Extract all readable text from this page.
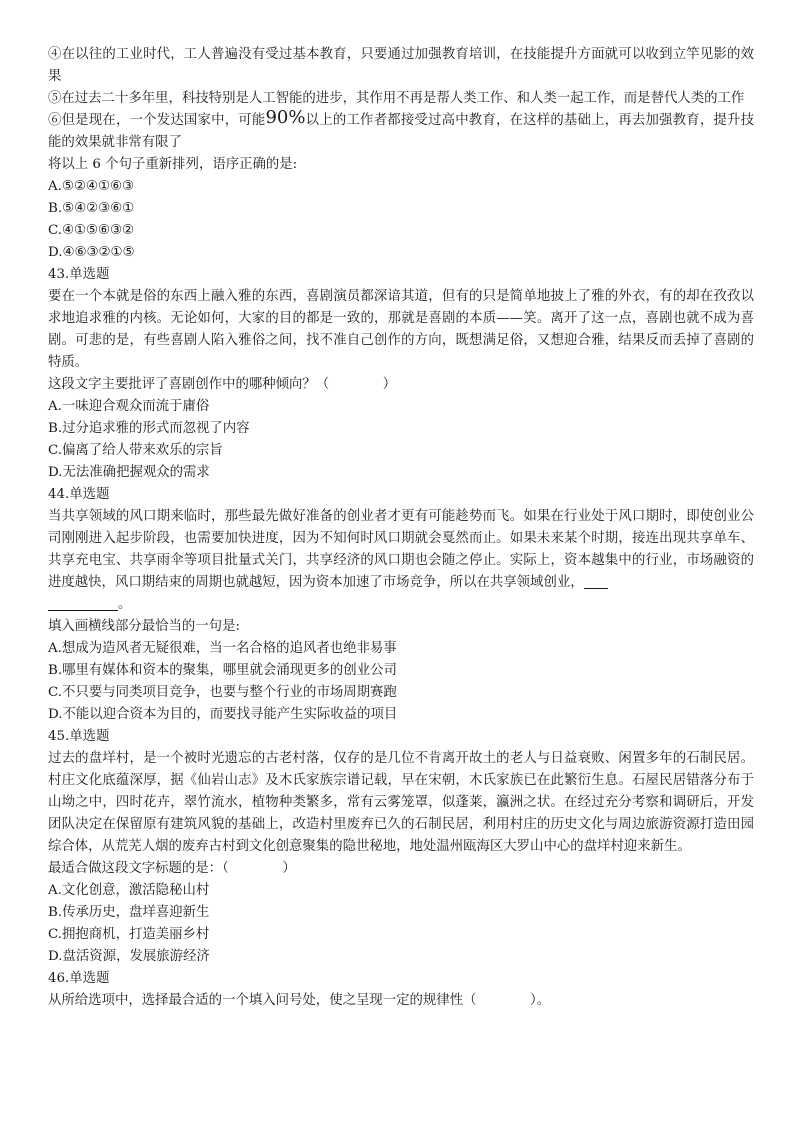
④在以往的工业时代，工人普遍没有受过基本教育，只要通过加强教育培训，在技能提升方面就可以收到立竿见影的效果

⑤在过去二十多年里，科技特别是人工智能的进步，其作用不再是帮人类工作、和人类一起工作，而是替代人类的工作

⑥但是现在，一个发达国家中，可能90%以上的工作者都接受过高中教育，在这样的基础上，再去加强教育，提升技能的效果就非常有限了

将以上 6 个句子重新排列，语序正确的是:

A.⑤②④①⑥③

B.⑤④②③⑥①

C.④①⑤⑥③②

D.④⑥③②①⑤

43.单选题

要在一个本就是俗的东西上融入雅的东西，喜剧演员都深谙其道，但有的只是简单地披上了雅的外衣，有的却在孜孜以求地追求雅的内核。无论如何，大家的目的都是一致的，那就是喜剧的本质——笑。离开了这一点，喜剧也就不成为喜剧。可悲的是，有些喜剧人陷入雅俗之间，找不准自己创作的方向，既想满足俗，又想迎合雅，结果反而丢掉了喜剧的特质。

这段文字主要批评了喜剧创作中的哪种倾向？（　　　　）

A.一味迎合观众而流于庸俗

B.过分追求雅的形式而忽视了内容

C.偏离了给人带来欢乐的宗旨

D.无法准确把握观众的需求

44.单选题

当共享领域的风口期来临时，那些最先做好准备的创业者才更有可能趁势而飞。如果在行业处于风口期时，即使创业公司刚刚进入起步阶段，也需要加快进度，因为不知何时风口期就会戛然而止。如果未来某个时期，接连出现共享单车、共享充电宝、共享雨伞等项目批量式关门，共享经济的风口期也会随之停止。实际上，资本越集中的行业，市场融资的进度越快，风口期结束的周期也就越短，因为资本加速了市场竞争，所以在共享领域创业，
。

填入画横线部分最恰当的一句是:

A.想成为造风者无疑很难，当一名合格的追风者也绝非易事

B.哪里有媒体和资本的聚集，哪里就会涌现更多的创业公司

C.不只要与同类项目竞争，也要与整个行业的市场周期赛跑

D.不能以迎合资本为目的，而要找寻能产生实际收益的项目

45.单选题

过去的盘垟村，是一个被时光遗忘的古老村落，仅存的是几位不肯离开故土的老人与日益衰败、闲置多年的石制民居。村庄文化底蕴深厚，据《仙岩山志》及木氏家族宗谱记载，早在宋朝，木氏家族已在此繁衍生息。石屋民居错落分布于山坳之中，四时花卉，翠竹流水，植物种类繁多，常有云雾笼罩，似蓬莱，瀛洲之状。在经过充分考察和调研后，开发团队决定在保留原有建筑风貌的基础上，改造村里废弃已久的石制民居，利用村庄的历史文化与周边旅游资源打造田园综合体，从荒芜人烟的废弃古村到文化创意聚集的隐世秘地，地处温州瓯海区大罗山中心的盘垟村迎来新生。

最适合做这段文字标题的是：（　　　　）

A.文化创意，激活隐秘山村

B.传承历史，盘垟喜迎新生

C.拥抱商机，打造美丽乡村

D.盘活资源，发展旅游经济

46.单选题

从所给选项中，选择最合适的一个填入问号处，使之呈现一定的规律性（　　　　）。
